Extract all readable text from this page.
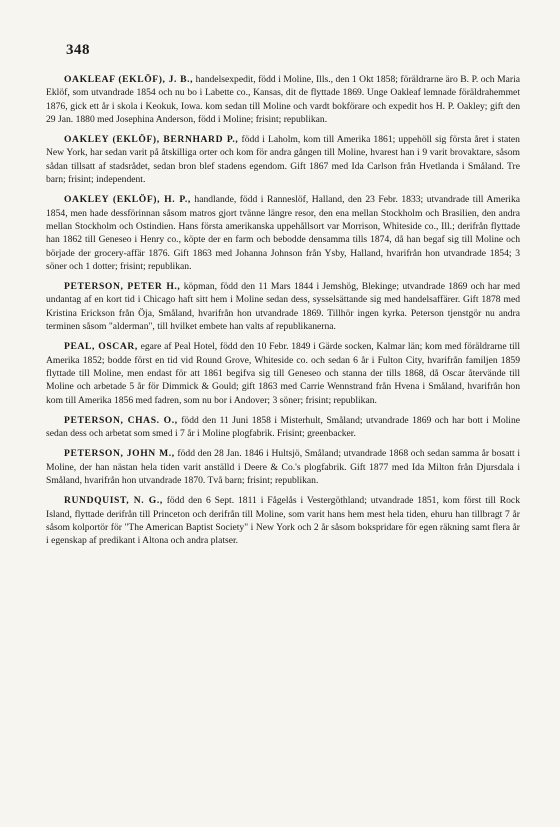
348

OAKLEAF (EKLÖF), J. B., handelsexpedit, född i Moline, Ills., den 1 Okt 1858; föräldrarne äro B. P. och Maria Eklöf, som utvandrade 1854 och nu bo i Labette co., Kansas, dit de flyttade 1869. Unge Oakleaf lemnade föräldrahemmet 1876, gick ett år i skola i Keokuk, Iowa. kom sedan till Moline och vardt bokförare och expedit hos H. P. Oakley; gift den 29 Jan. 1880 med Josephina Anderson, född i Moline; frisint; republikan.

OAKLEY (EKLÖF), BERNHARD P., född i Laholm, kom till Amerika 1861; uppehöll sig första året i staten New York, har sedan varit på åtskilliga orter och kom för andra gången till Moline, hvarest han i 9 varit brovaktare, såsom sådan tillsatt af stadsrådet, sedan bron blef stadens egendom. Gift 1867 med Ida Carlson från Hvetlanda i Småland. Tre barn; frisint; independent.

OAKLEY (EKLÖF), H. P., handlande, född i Ranneslöf, Halland, den 23 Febr. 1833; utvandrade till Amerika 1854, men hade dessförinnan såsom matros gjort tvänne längre resor, den ena mellan Stockholm och Brasilien, den andra mellan Stockholm och Ostindien. Hans första amerikanska uppehållsort var Morrison, Whiteside co., Ill.; derifrån flyttade han 1862 till Geneseo i Henry co., köpte der en farm och bebodde densamma tills 1874, då han begaf sig till Moline och började der grocery-affär 1876. Gift 1863 med Johanna Johnson från Ysby, Halland, hvarifrån hon utvandrade 1854; 3 söner och 1 dotter; frisint; republikan.

PETERSON, PETER H., köpman, född den 11 Mars 1844 i Jemshög, Blekinge; utvandrade 1869 och har med undantag af en kort tid i Chicago haft sitt hem i Moline sedan dess, sysselsättande sig med handelsaffärer. Gift 1878 med Kristina Erickson från Öja, Småland, hvarifrån hon utvandrade 1869. Tillhör ingen kyrka. Peterson tjenstgör nu andra terminen såsom "alderman", till hvilket embete han valts af republikanerna.

PEAL, OSCAR, egare af Peal Hotel, född den 10 Febr. 1849 i Gärde socken, Kalmar län; kom med föräldrarne till Amerika 1852; bodde först en tid vid Round Grove, Whiteside co. och sedan 6 år i Fulton City, hvarifrån familjen 1859 flyttade till Moline, men endast för att 1861 begifva sig till Geneseo och stanna der tills 1868, då Oscar återvände till Moline och arbetade 5 år för Dimmick & Gould; gift 1863 med Carrie Wennstrand från Hvena i Småland, hvarifrån hon kom till Amerika 1856 med fadren, som nu bor i Andover; 3 söner; frisint; republikan.

PETERSON, CHAS. O., född den 11 Juni 1858 i Misterhult, Småland; utvandrade 1869 och har bott i Moline sedan dess och arbetat som smed i 7 år i Moline plogfabrik. Frisint; greenbacker.

PETERSON, JOHN M., född den 28 Jan. 1846 i Hultsjö, Småland; utvandrade 1868 och sedan samma år bosatt i Moline, der han nästan hela tiden varit anställd i Deere & Co.'s plogfabrik. Gift 1877 med Ida Milton från Djursdala i Småland, hvarifrån hon utvandrade 1870. Två barn; frisint; republikan.

RUNDQUIST, N. G., född den 6 Sept. 1811 i Fågelås i Vestergöthland; utvandrade 1851, kom först till Rock Island, flyttade derifrån till Princeton och derifrån till Moline, som varit hans hem mest hela tiden, ehuru han tillbragt 7 år såsom kolportör för "The American Baptist Society" i New York och 2 år såsom bokspridare för egen räkning samt flera år i egenskap af predikant i Altona och andra platser.
